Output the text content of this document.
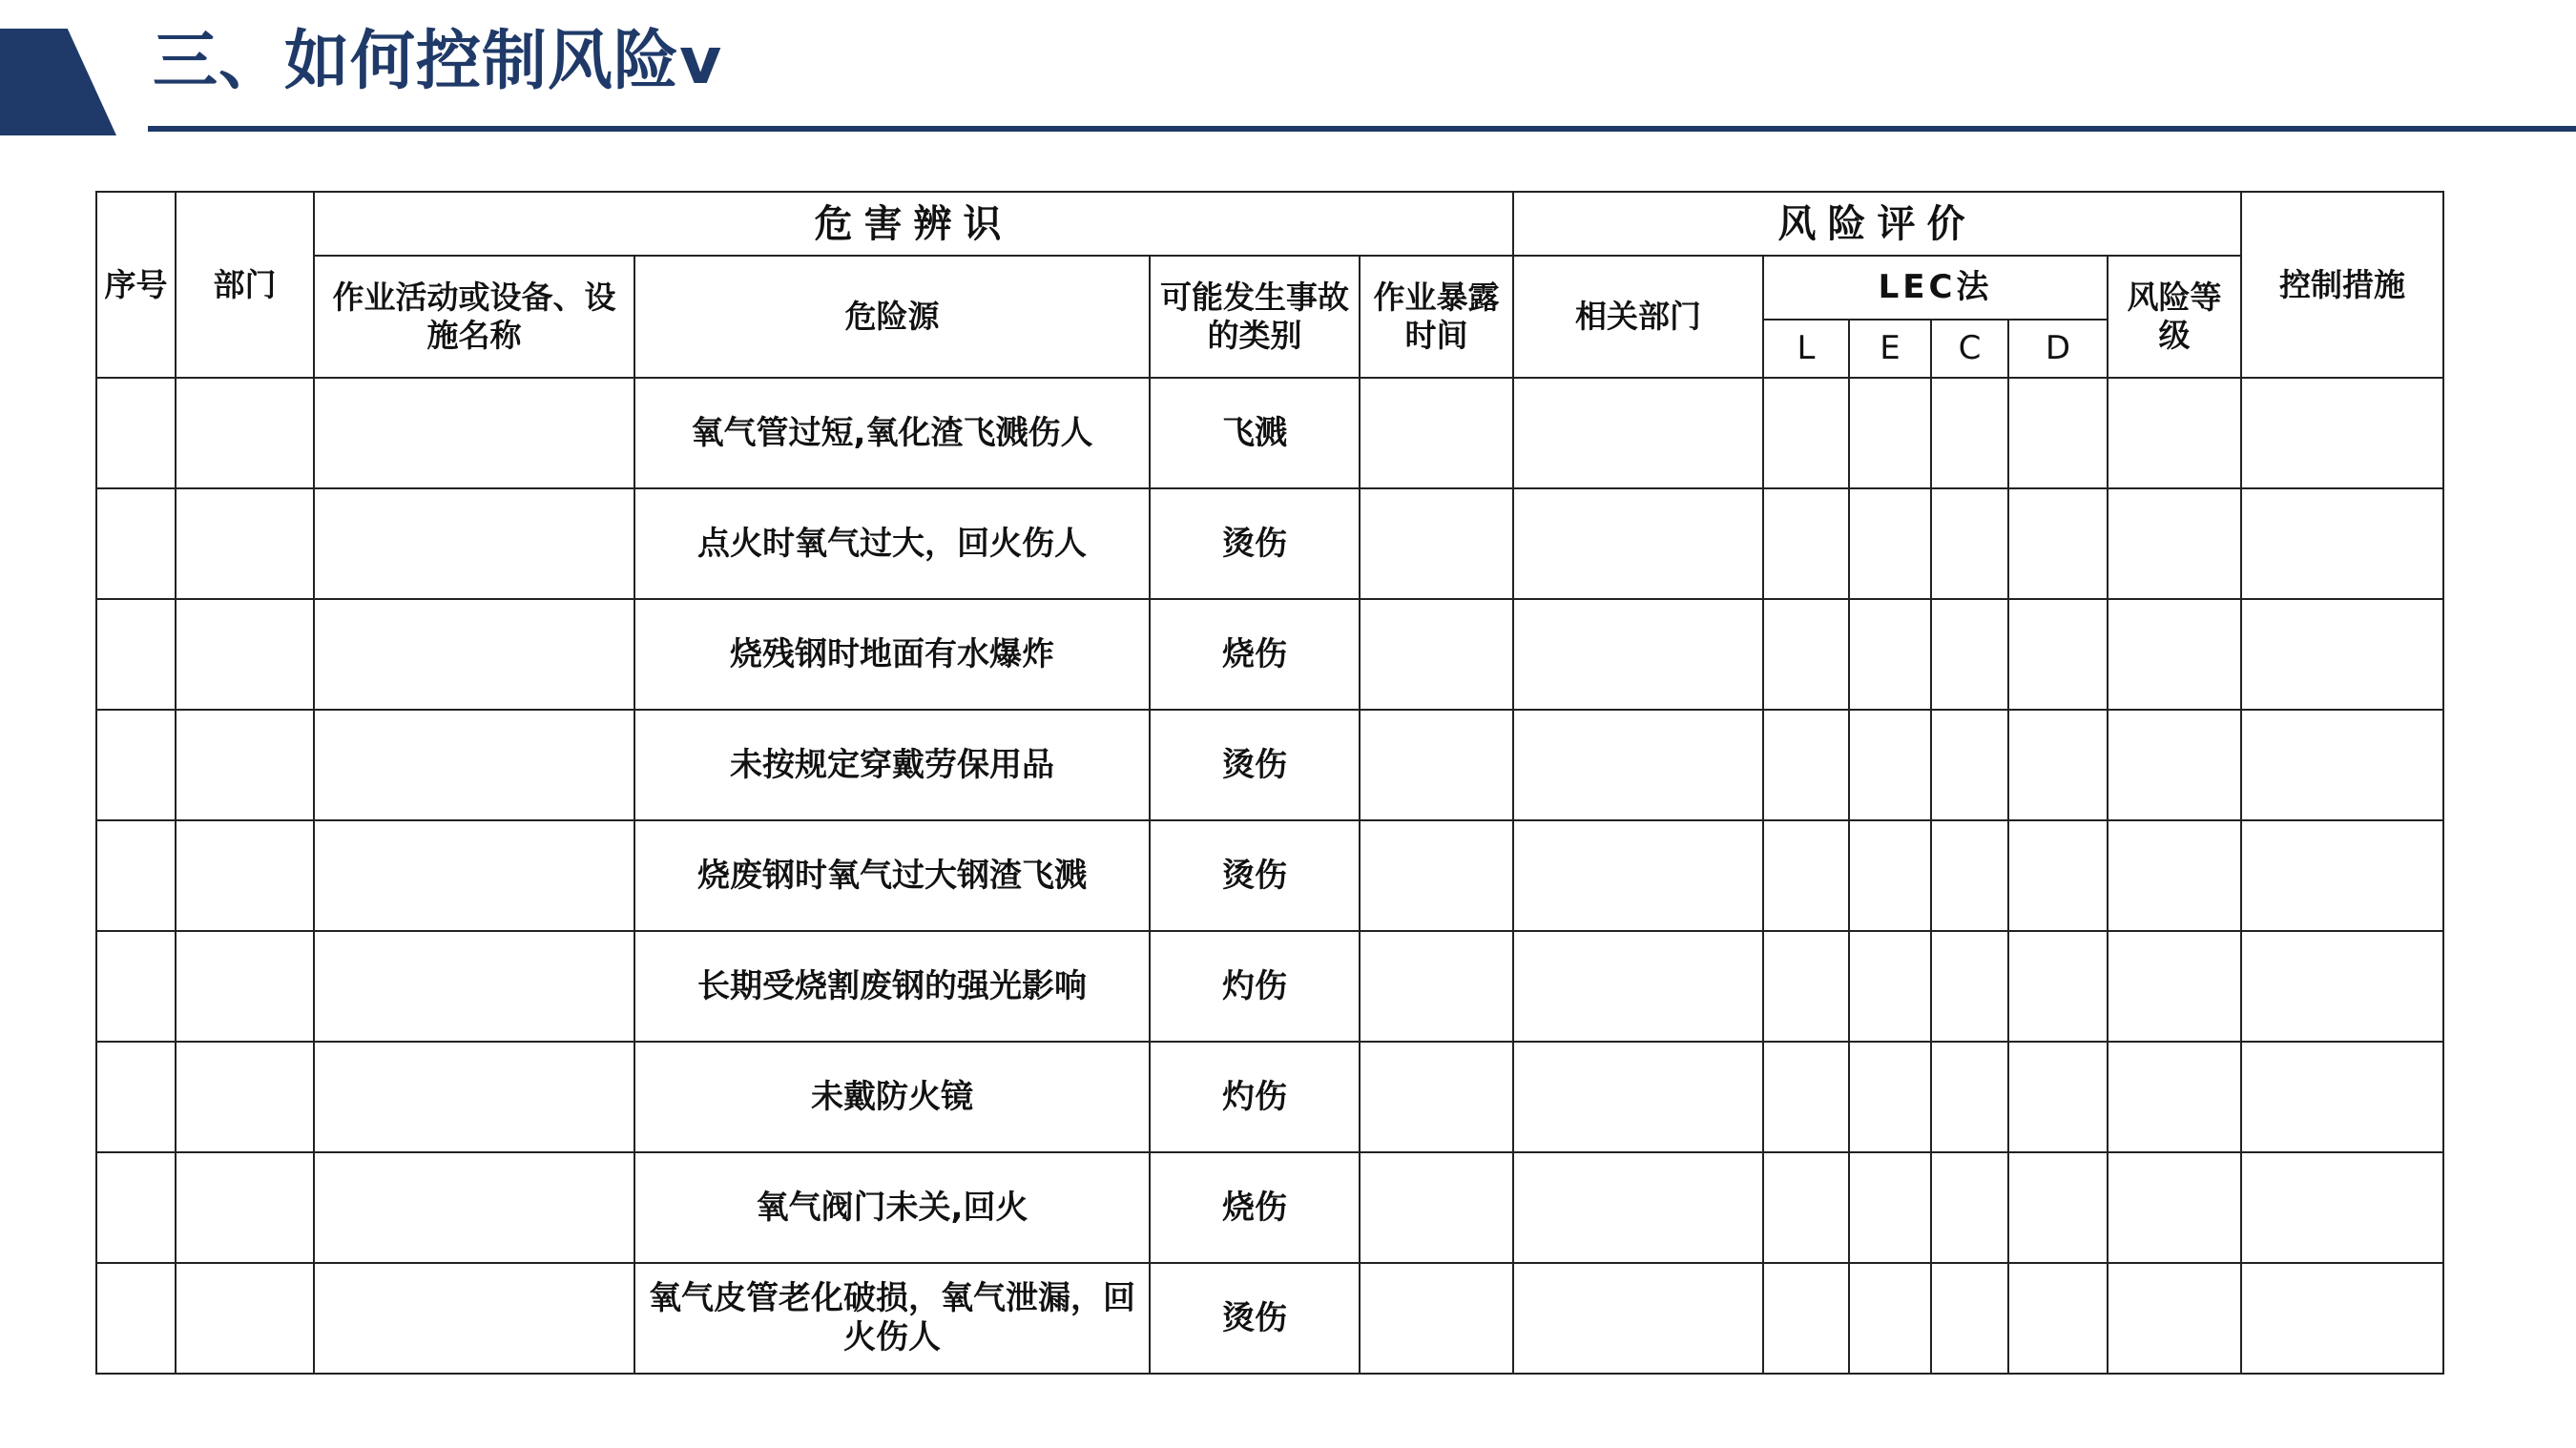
三、如何控制风险v
序号	部门	危害辨识				风险评价						控制措施
		作业活动或设备、设施名称	危险源	可能发生事故的类别	作业暴露时间	相关部门	LEC法				风险等级	
							L	E	C	D		
			氧气管过短,氧化渣飞溅伤人	飞溅								
			点火时氧气过大，回火伤人	烫伤								
			烧残钢时地面有水爆炸	烧伤								
			未按规定穿戴劳保用品	烫伤								
			烧废钢时氧气过大钢渣飞溅	烫伤								
			长期受烧割废钢的强光影响	灼伤								
			未戴防火镜	灼伤								
			氧气阀门未关,回火	烧伤								
			氧气皮管老化破损，氧气泄漏，回火伤人	烫伤								
